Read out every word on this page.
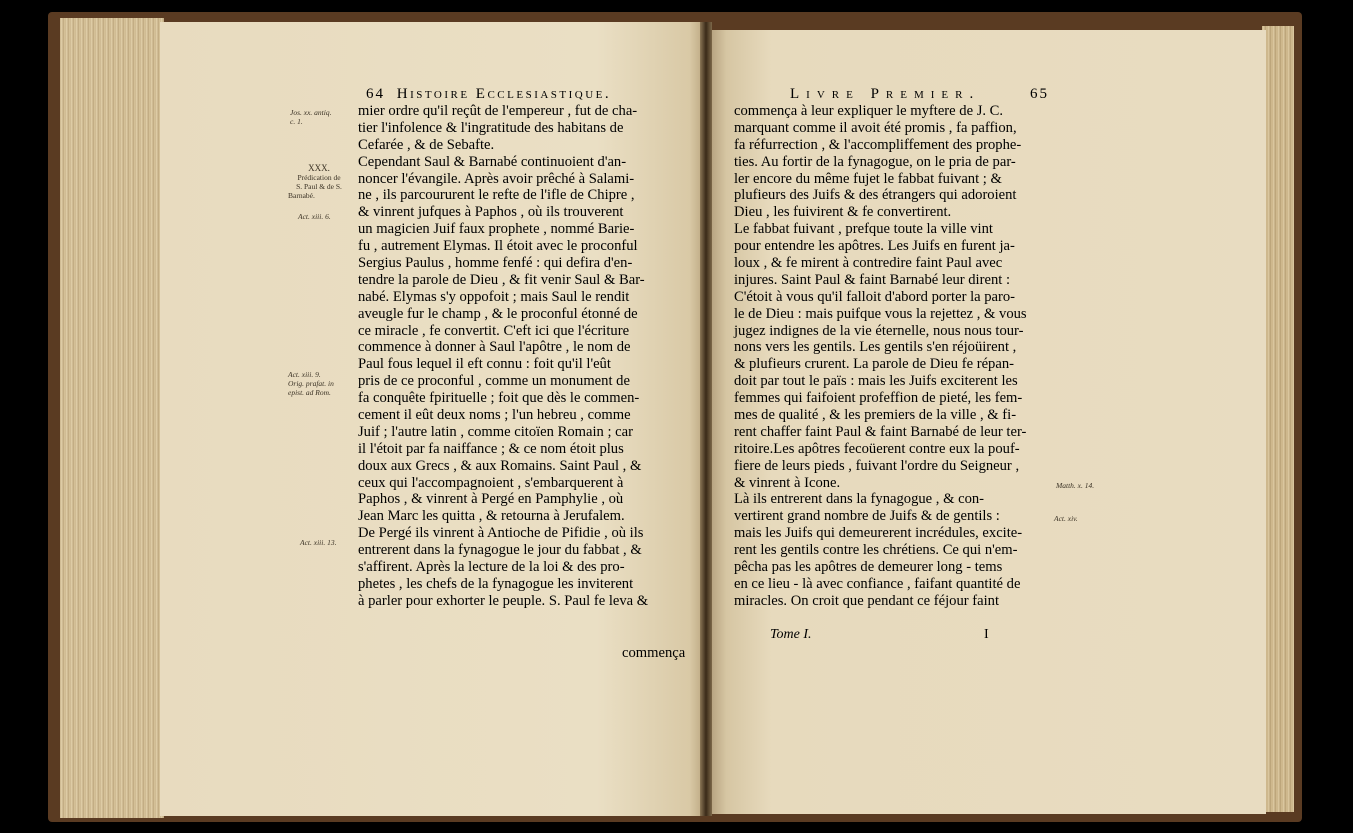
64 Histoire Ecclesiastique.
Jos. xx. antiq.
c. 1.
XXX.
Prédication de
S. Paul & de S.
Barnabé.
Act. xiii. 6.
Act. xiii. 9.
Orig. prafat. in
epist. ad Rom.
Act. xiii. 13.
mier ordre qu'il reçût de l'empereur , fut de cha-
tier l'infolence & l'ingratitude des habitans de
Cefarée , & de Sebafte.
Cependant Saul & Barnabé continuoient d'an-
noncer l'évangile. Après avoir prêché à Salami-
ne , ils parcoururent le refte de l'ifle de Chipre ,
& vinrent jufques à Paphos , où ils trouverent
un magicien Juif faux prophete , nommé Barie-
fu , autrement Elymas. Il étoit avec le proconful
Sergius Paulus , homme fenfé : qui defira d'en-
tendre la parole de Dieu , & fit venir Saul & Bar-
nabé. Elymas s'y oppofoit ; mais Saul le rendit
aveugle fur le champ , & le proconful étonné de
ce miracle , fe convertit. C'eft ici que l'écriture
commence à donner à Saul l'apôtre , le nom de
Paul fous lequel il eft connu : foit qu'il l'eût
pris de ce proconful , comme un monument de
fa conquête fpirituelle ; foit que dès le commen-
cement il eût deux noms ; l'un hebreu , comme
Juif ; l'autre latin , comme citoïen Romain ; car
il l'étoit par fa naiffance ; & ce nom étoit plus
doux aux Grecs , & aux Romains. Saint Paul , &
ceux qui l'accompagnoient , s'embarquerent à
Paphos , & vinrent à Pergé en Pamphylie , où
Jean Marc les quitta , & retourna à Jerufalem.
De Pergé ils vinrent à Antioche de Pifidie , où ils
entrerent dans la fynagogue le jour du fabbat , &
s'affirent. Après la lecture de la loi & des pro-
phetes , les chefs de la fynagogue les inviterent
à parler pour exhorter le peuple. S. Paul fe leva &
commença
Livre Premier.	65
Matth. x. 14.
Act. xiv.
commença à leur expliquer le myftere de J. C.
marquant comme il avoit été promis , fa paffion,
fa réfurrection , & l'accompliffement des prophe-
ties. Au fortir de la fynagogue, on le pria de par-
ler encore du même fujet le fabbat fuivant ; &
plufieurs des Juifs & des étrangers qui adoroient
Dieu , les fuivirent & fe convertirent.
Le fabbat fuivant , prefque toute la ville vint
pour entendre les apôtres. Les Juifs en furent ja-
loux , & fe mirent à contredire faint Paul avec
injures. Saint Paul & faint Barnabé leur dirent :
C'étoit à vous qu'il falloit d'abord porter la paro-
le de Dieu : mais puifque vous la rejettez , & vous
jugez indignes de la vie éternelle, nous nous tour-
nons vers les gentils. Les gentils s'en réjoüirent ,
& plufieurs crurent. La parole de Dieu fe répan-
doit par tout le païs : mais les Juifs exciterent les
femmes qui faifoient profeffion de pieté, les fem-
mes de qualité , & les premiers de la ville , & fi-
rent chaffer faint Paul & faint Barnabé de leur ter-
ritoire.Les apôtres fecoüerent contre eux la pouf-
fiere de leurs pieds , fuivant l'ordre du Seigneur ,
& vinrent à Icone.
Là ils entrerent dans la fynagogue , & con-
vertirent grand nombre de Juifs & de gentils :
mais les Juifs qui demeurerent incrédules, excite-
rent les gentils contre les chrétiens. Ce qui n'em-
pêcha pas les apôtres de demeurer long - tems
en ce lieu - là avec confiance , faifant quantité de
miracles. On croit que pendant ce féjour faint
Tome I.	I
